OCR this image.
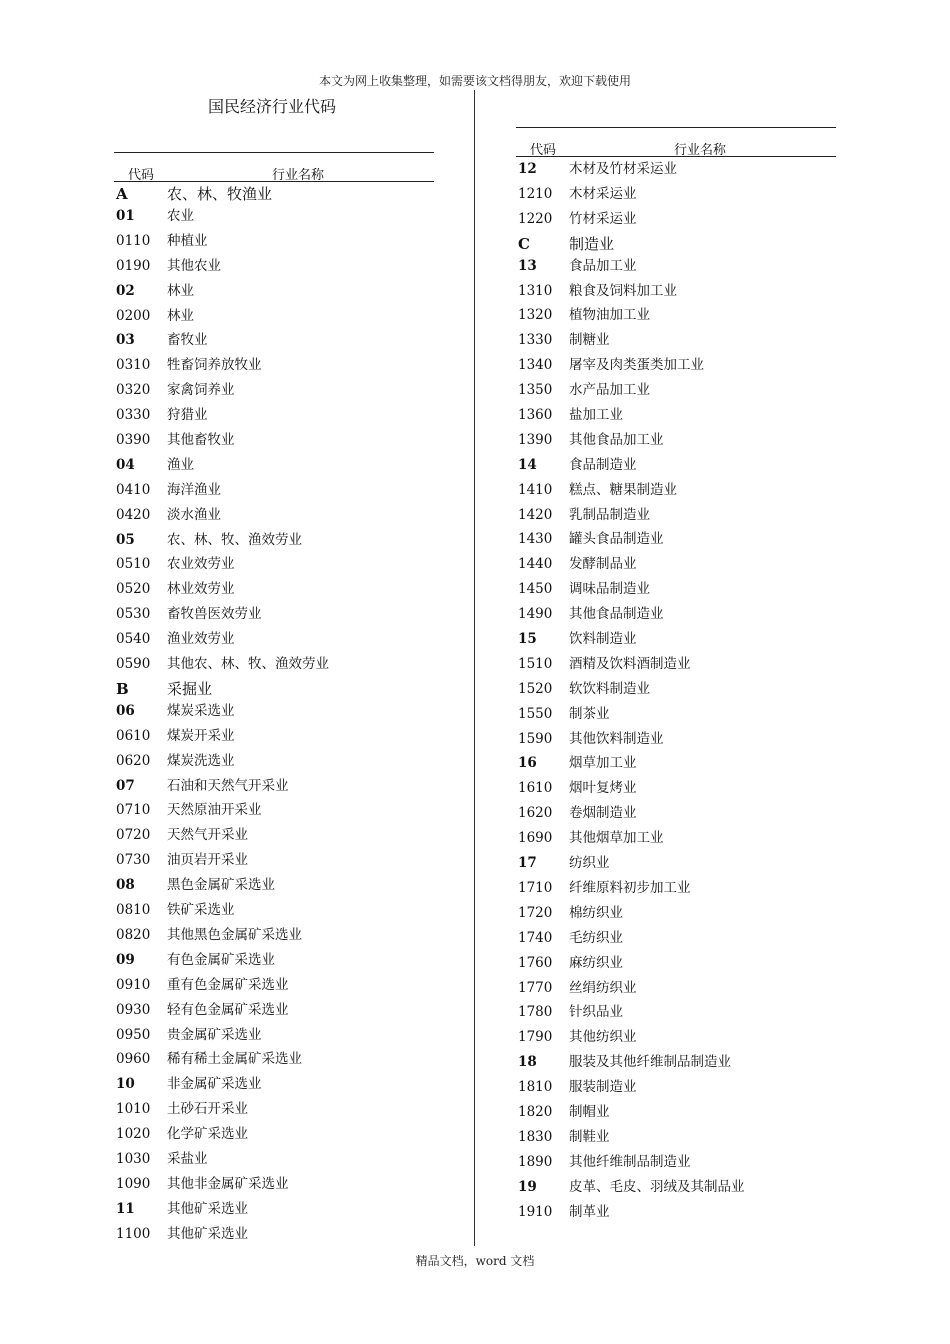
本文为网上收集整理，如需要该文档得朋友，欢迎下载使用
国民经济行业代码
代码	行业名称
A	农、林、牧渔业
01 农业
0110 种植业
0190 其他农业
02 林业
0200 林业
03 畜牧业
0310 牲畜饲养放牧业
0320 家禽饲养业
0330 狩猎业
0390 其他畜牧业
04 渔业
0410 海洋渔业
0420 淡水渔业
05 农、林、牧、渔效劳业
0510 农业效劳业
0520 林业效劳业
0530 畜牧兽医效劳业
0540 渔业效劳业
0590 其他农、林、牧、渔效劳业
B	采掘业
06 煤炭采选业
0610 煤炭开采业
0620 煤炭洗选业
07 石油和天然气开采业
0710 天然原油开采业
0720 天然气开采业
0730 油页岩开采业
08 黑色金属矿采选业
0810 铁矿采选业
0820 其他黑色金属矿采选业
09 有色金属矿采选业
0910 重有色金属矿采选业
0930 轻有色金属矿采选业
0950 贵金属矿采选业
0960 稀有稀土金属矿采选业
10 非金属矿采选业
1010 土砂石开采业
1020 化学矿采选业
1030 采盐业
1090 其他非金属矿采选业
11 其他矿采选业
1100 其他矿采选业
代码	行业名称
12 木材及竹材采运业
1210 木材采运业
1220 竹材采运业
C	制造业
13 食品加工业
1310 粮食及饲料加工业
1320 植物油加工业
1330 制糖业
1340 屠宰及肉类蛋类加工业
1350 水产品加工业
1360 盐加工业
1390 其他食品加工业
14 食品制造业
1410 糕点、糖果制造业
1420 乳制品制造业
1430 罐头食品制造业
1440 发酵制品业
1450 调味品制造业
1490 其他食品制造业
15 饮料制造业
1510 酒精及饮料酒制造业
1520 软饮料制造业
1550 制茶业
1590 其他饮料制造业
16 烟草加工业
1610 烟叶复烤业
1620 卷烟制造业
1690 其他烟草加工业
17 纺织业
1710 纤维原料初步加工业
1720 棉纺织业
1740 毛纺织业
1760 麻纺织业
1770 丝绢纺织业
1780 针织品业
1790 其他纺织业
18 服装及其他纤维制品制造业
1810 服装制造业
1820 制帽业
1830 制鞋业
1890 其他纤维制品制造业
19 皮革、毛皮、羽绒及其制品业
1910 制革业
精品文档，word 文档
